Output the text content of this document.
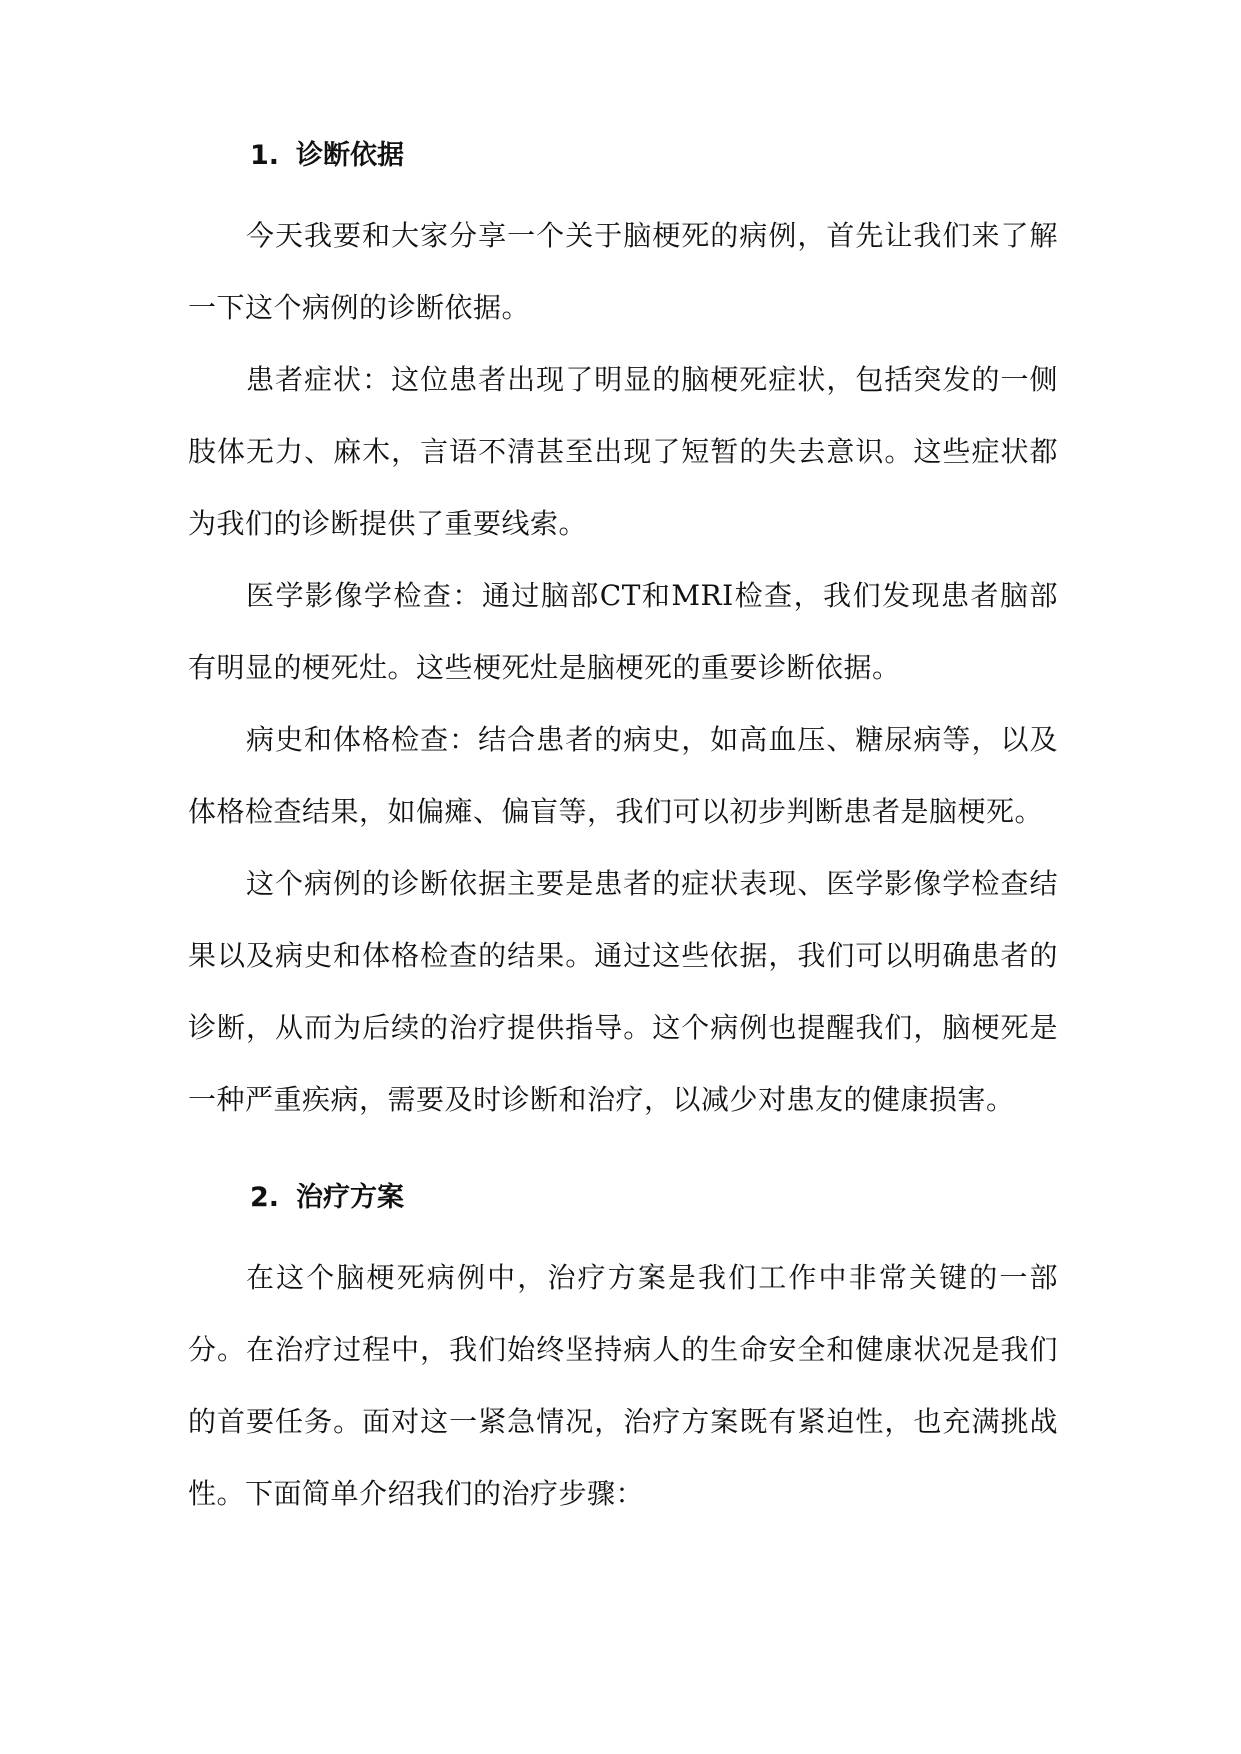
1. 诊断依据

今天我要和大家分享一个关于脑梗死的病例，首先让我们来了解一下这个病例的诊断依据。

患者症状：这位患者出现了明显的脑梗死症状，包括突发的一侧肢体无力、麻木，言语不清甚至出现了短暂的失去意识。这些症状都为我们的诊断提供了重要线索。

医学影像学检查：通过脑部CT和MRI检查，我们发现患者脑部有明显的梗死灶。这些梗死灶是脑梗死的重要诊断依据。

病史和体格检查：结合患者的病史，如高血压、糖尿病等，以及体格检查结果，如偏瘫、偏盲等，我们可以初步判断患者是脑梗死。

这个病例的诊断依据主要是患者的症状表现、医学影像学检查结果以及病史和体格检查的结果。通过这些依据，我们可以明确患者的诊断，从而为后续的治疗提供指导。这个病例也提醒我们，脑梗死是一种严重疾病，需要及时诊断和治疗，以减少对患友的健康损害。

2. 治疗方案

在这个脑梗死病例中，治疗方案是我们工作中非常关键的一部分。在治疗过程中，我们始终坚持病人的生命安全和健康状况是我们的首要任务。面对这一紧急情况，治疗方案既有紧迫性，也充满挑战性。下面简单介绍我们的治疗步骤：
